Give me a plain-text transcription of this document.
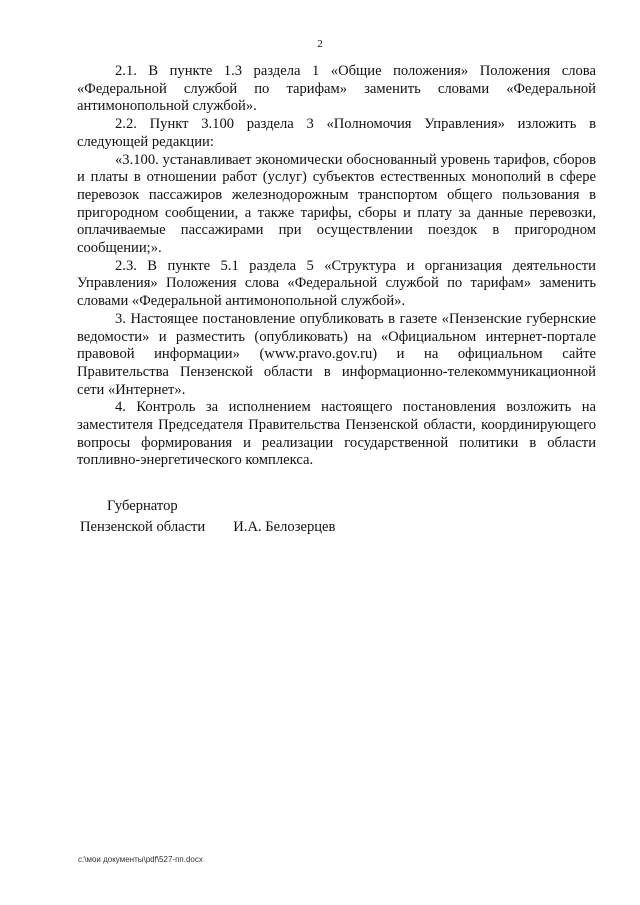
2

2.1. В пункте 1.3 раздела 1 «Общие положения» Положения слова «Федеральной службой по тарифам» заменить словами «Федеральной антимонопольной службой».

2.2. Пункт 3.100 раздела 3 «Полномочия Управления» изложить в следующей редакции:

«3.100. устанавливает экономически обоснованный уровень тарифов, сборов и платы в отношении работ (услуг) субъектов естественных монополий в сфере перевозок пассажиров железнодорожным транспортом общего пользования в пригородном сообщении, а также тарифы, сборы и плату за данные перевозки, оплачиваемые пассажирами при осуществлении поездок в пригородном сообщении;».

2.3. В пункте 5.1 раздела 5 «Структура и организация деятельности Управления» Положения слова «Федеральной службой по тарифам» заменить словами «Федеральной антимонопольной службой».

3. Настоящее постановление опубликовать в газете «Пензенские губернские ведомости» и разместить (опубликовать) на «Официальном интернет-портале правовой информации» (www.pravo.gov.ru) и на официальном сайте Правительства Пензенской области в информационно-телекоммуникационной сети «Интернет».

4. Контроль за исполнением настоящего постановления возложить на заместителя Председателя Правительства Пензенской области, координирующего вопросы формирования и реализации государственной политики в области топливно-энергетического комплекса.

Губернатор
Пензенской области И.А. Белозерцев
c:\мои документы\pdf\527-пп.docx
